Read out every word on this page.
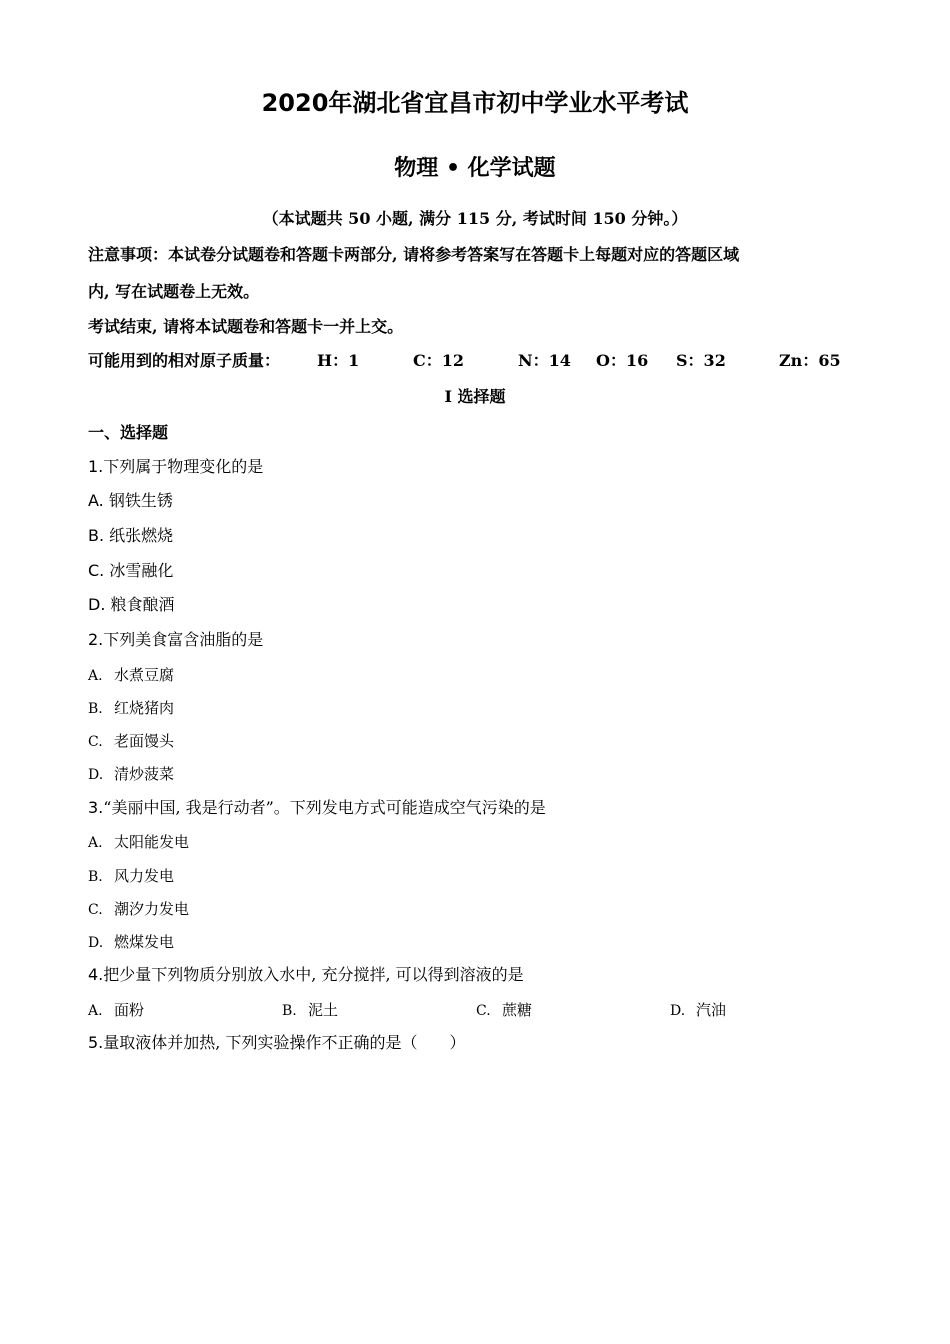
2020年湖北省宜昌市初中学业水平考试
物理 • 化学试题
（本试题共 50 小题, 满分 115 分, 考试时间 150 分钟。）
注意事项：本试卷分试题卷和答题卡两部分, 请将参考答案写在答题卡上每题对应的答题区域
内, 写在试题卷上无效。
考试结束, 请将本试题卷和答题卡一并上交。
可能用到的相对原子质量： H：1	C：12	N：14 O：16 S：32	Zn：65
I 选择题
一、选择题
1.下列属于物理变化的是
A. 钢铁生锈
B. 纸张燃烧
C. 冰雪融化
D. 粮食酿酒
2.下列美食富含油脂的是
A. 水煮豆腐
B. 红烧猪肉
C. 老面馒头
D. 清炒菠菜
3.“美丽中国, 我是行动者”。下列发电方式可能造成空气污染的是
A. 太阳能发电
B. 风力发电
C. 潮汐力发电
D. 燃煤发电
4.把少量下列物质分别放入水中, 充分搅拌, 可以得到溶液的是
A. 面粉	B. 泥土	C. 蔗糖	D. 汽油
5.量取液体并加热, 下列实验操作不正确的是（　　）
